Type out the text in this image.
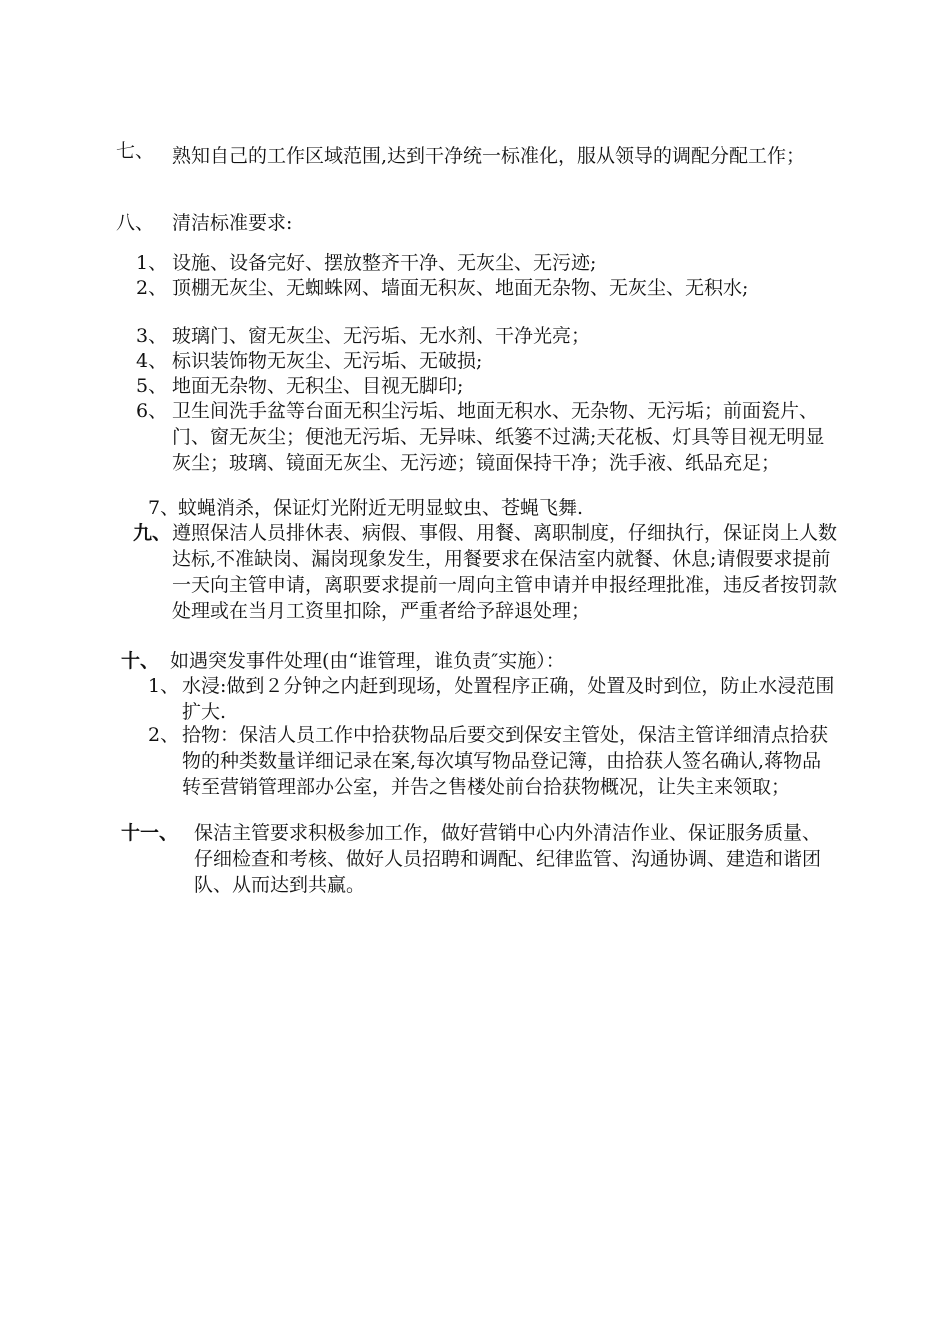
七、 熟知自己的工作区域范围,达到干净统一标准化，服从领导的调配分配工作；
八、 清洁标准要求:
1、 设施、设备完好、摆放整齐干净、无灰尘、无污迹;
2、 顶棚无灰尘、无蜘蛛网、墙面无积灰、地面无杂物、无灰尘、无积水;
3、 玻璃门、窗无灰尘、无污垢、无水剂、干净光亮；
4、 标识装饰物无灰尘、无污垢、无破损;
5、 地面无杂物、无积尘、目视无脚印;
6、 卫生间洗手盆等台面无积尘污垢、地面无积水、无杂物、无污垢；前面瓷片、门、窗无灰尘；便池无污垢、无异味、纸篓不过满;天花板、灯具等目视无明显灰尘；玻璃、镜面无灰尘、无污迹；镜面保持干净；洗手液、纸品充足；
7、
蚊蝇消杀，保证灯光附近无明显蚊虫、苍蝇飞舞.
九、 遵照保洁人员排休表、病假、事假、用餐、离职制度，仔细执行，保证岗上人数达标,不准缺岗、漏岗现象发生，用餐要求在保洁室内就餐、休息;请假要求提前一天向主管申请，离职要求提前一周向主管申请并申报经理批准，违反者按罚款处理或在当月工资里扣除，严重者给予辞退处理；
十、 如遇突发事件处理(由“谁管理，谁负责″实施）：
1、 水浸:做到２分钟之内赶到现场，处置程序正确，处置及时到位，防止水浸范围扩大.
2、 拾物：保洁人员工作中拾获物品后要交到保安主管处，保洁主管详细清点拾获物的种类数量详细记录在案,每次填写物品登记簿，由拾获人签名确认,蒋物品转至营销管理部办公室，并告之售楼处前台拾获物概况，让失主来领取；
十一、 保洁主管要求积极参加工作，做好营销中心内外清洁作业、保证服务质量、仔细检查和考核、做好人员招聘和调配、纪律监管、沟通协调、建造和谐团队、从而达到共赢。
